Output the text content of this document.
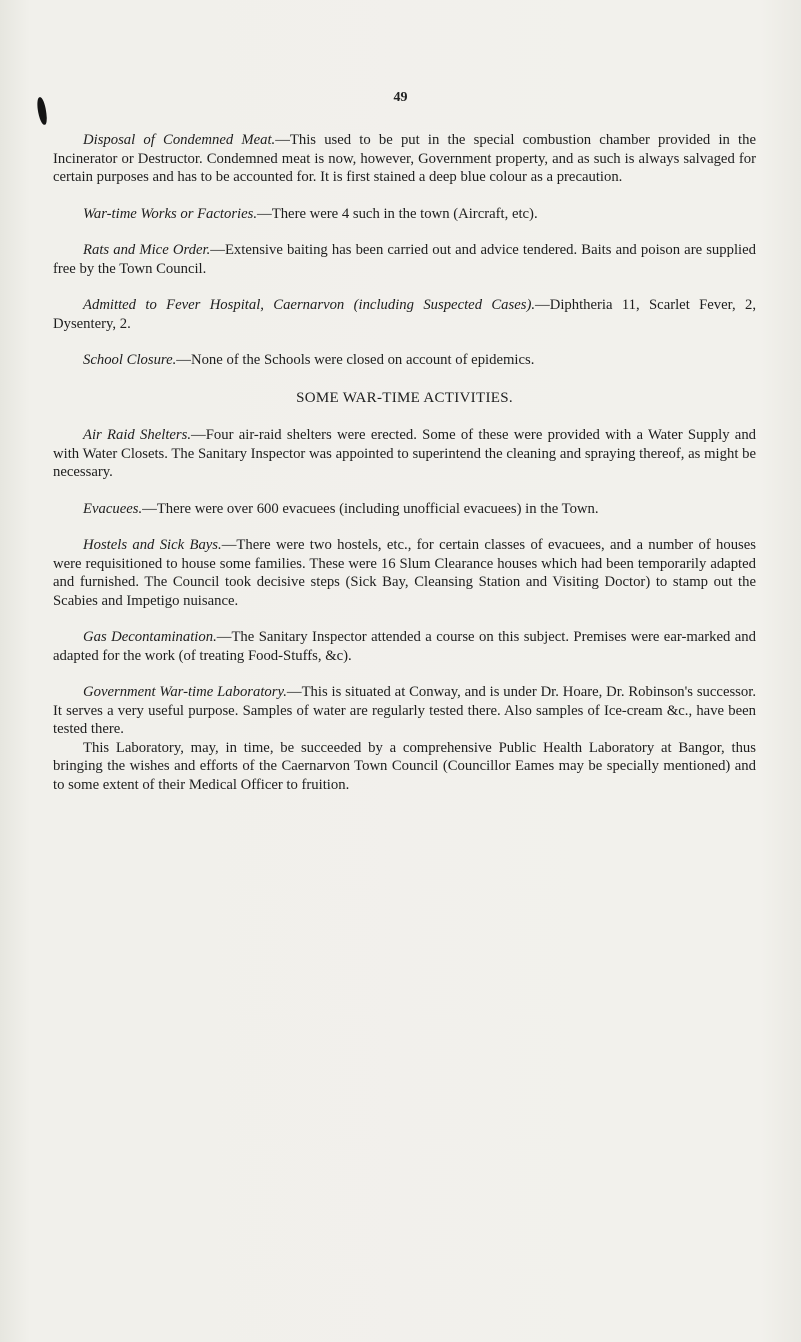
49

Disposal of Condemned Meat.—This used to be put in the special combustion chamber provided in the Incinerator or Destructor. Condemned meat is now, however, Government property, and as such is always salvaged for certain purposes and has to be accounted for. It is first stained a deep blue colour as a precaution.

War-time Works or Factories.—There were 4 such in the town (Aircraft, etc).

Rats and Mice Order.—Extensive baiting has been carried out and advice tendered. Baits and poison are supplied free by the Town Council.

Admitted to Fever Hospital, Caernarvon (including Suspected Cases).—Diphtheria 11, Scarlet Fever, 2, Dysentery, 2.

School Closure.—None of the Schools were closed on account of epidemics.

SOME WAR-TIME ACTIVITIES.

Air Raid Shelters.—Four air-raid shelters were erected. Some of these were provided with a Water Supply and with Water Closets. The Sanitary Inspector was appointed to superintend the cleaning and spraying thereof, as might be necessary.

Evacuees.—There were over 600 evacuees (including unofficial evacuees) in the Town.

Hostels and Sick Bays.—There were two hostels, etc., for certain classes of evacuees, and a number of houses were requisitioned to house some families. These were 16 Slum Clearance houses which had been temporarily adapted and furnished. The Council took decisive steps (Sick Bay, Cleansing Station and Visiting Doctor) to stamp out the Scabies and Impetigo nuisance.

Gas Decontamination.—The Sanitary Inspector attended a course on this subject. Premises were ear-marked and adapted for the work (of treating Food-Stuffs, &c).

Government War-time Laboratory.—This is situated at Conway, and is under Dr. Hoare, Dr. Robinson's successor. It serves a very useful purpose. Samples of water are regularly tested there. Also samples of Ice-cream &c., have been tested there.

This Laboratory, may, in time, be succeeded by a comprehensive Public Health Laboratory at Bangor, thus bringing the wishes and efforts of the Caernarvon Town Council (Councillor Eames may be specially mentioned) and to some extent of their Medical Officer to fruition.
